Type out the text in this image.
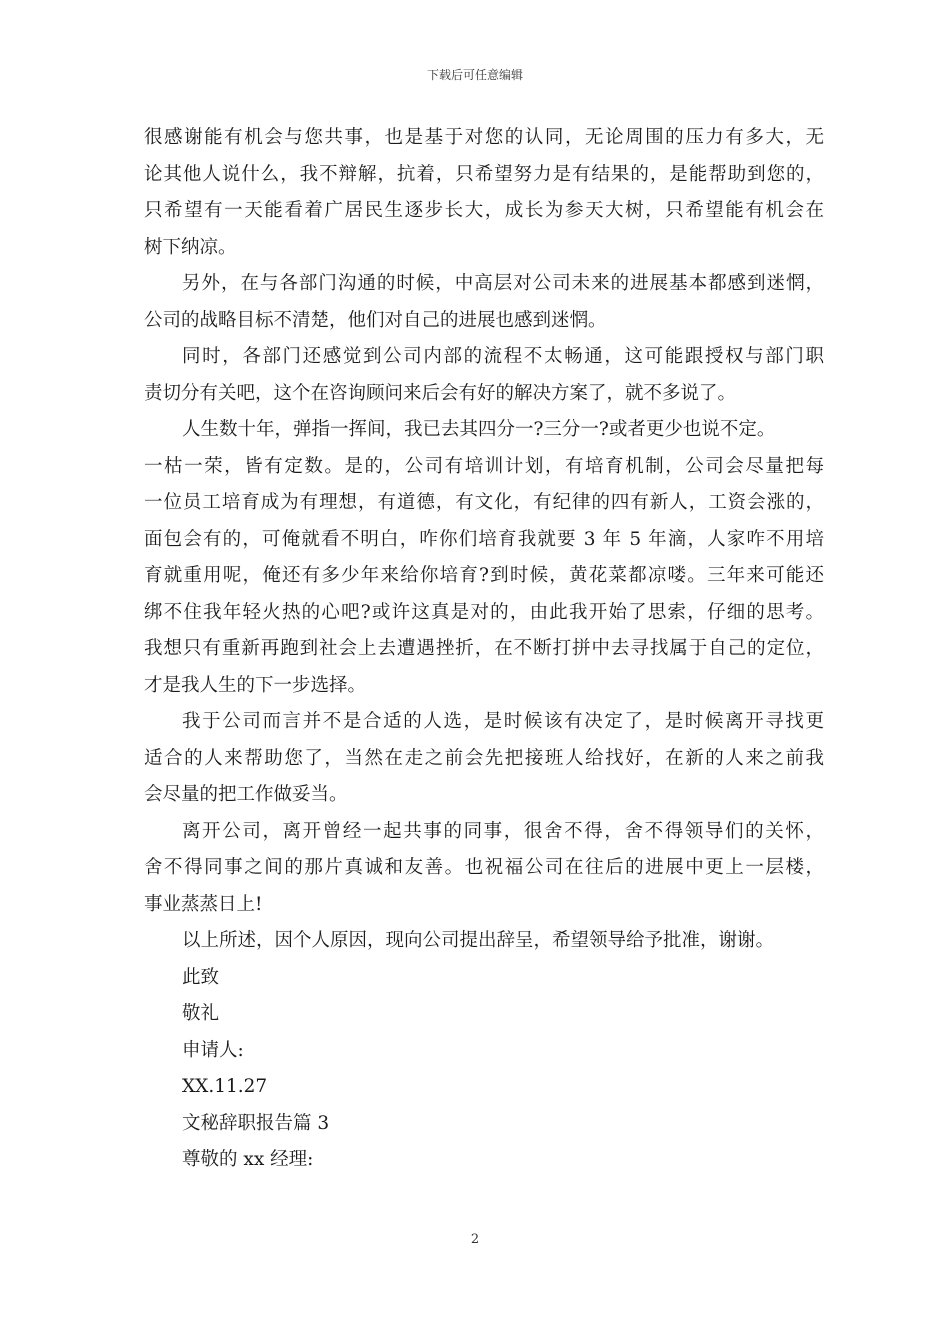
下载后可任意编辑
很感谢能有机会与您共事，也是基于对您的认同，无论周围的压力有多大，无
论其他人说什么，我不辩解，抗着，只希望努力是有结果的，是能帮助到您的，
只希望有一天能看着广居民生逐步长大，成长为参天大树，只希望能有机会在
树下纳凉。
另外，在与各部门沟通的时候，中高层对公司未来的进展基本都感到迷惘，
公司的战略目标不清楚，他们对自己的进展也感到迷惘。
同时，各部门还感觉到公司内部的流程不太畅通，这可能跟授权与部门职
责切分有关吧，这个在咨询顾问来后会有好的解决方案了，就不多说了。
人生数十年，弹指一挥间，我已去其四分一?三分一?或者更少也说不定。
一枯一荣，皆有定数。是的，公司有培训计划，有培育机制，公司会尽量把每
一位员工培育成为有理想，有道德，有文化，有纪律的四有新人，工资会涨的，
面包会有的，可俺就看不明白，咋你们培育我就要 3 年 5 年滴，人家咋不用培
育就重用呢，俺还有多少年来给你培育?到时候，黄花菜都凉喽。三年来可能还
绑不住我年轻火热的心吧?或许这真是对的，由此我开始了思索，仔细的思考。
我想只有重新再跑到社会上去遭遇挫折，在不断打拼中去寻找属于自己的定位，
才是我人生的下一步选择。
我于公司而言并不是合适的人选，是时候该有决定了，是时候离开寻找更
适合的人来帮助您了，当然在走之前会先把接班人给找好，在新的人来之前我
会尽量的把工作做妥当。
离开公司，离开曾经一起共事的同事，很舍不得，舍不得领导们的关怀，
舍不得同事之间的那片真诚和友善。也祝福公司在往后的进展中更上一层楼，
事业蒸蒸日上!
以上所述，因个人原因，现向公司提出辞呈，希望领导给予批准，谢谢。
此致
敬礼
申请人:
XX.11.27
文秘辞职报告篇 3
尊敬的 xx 经理:
2
